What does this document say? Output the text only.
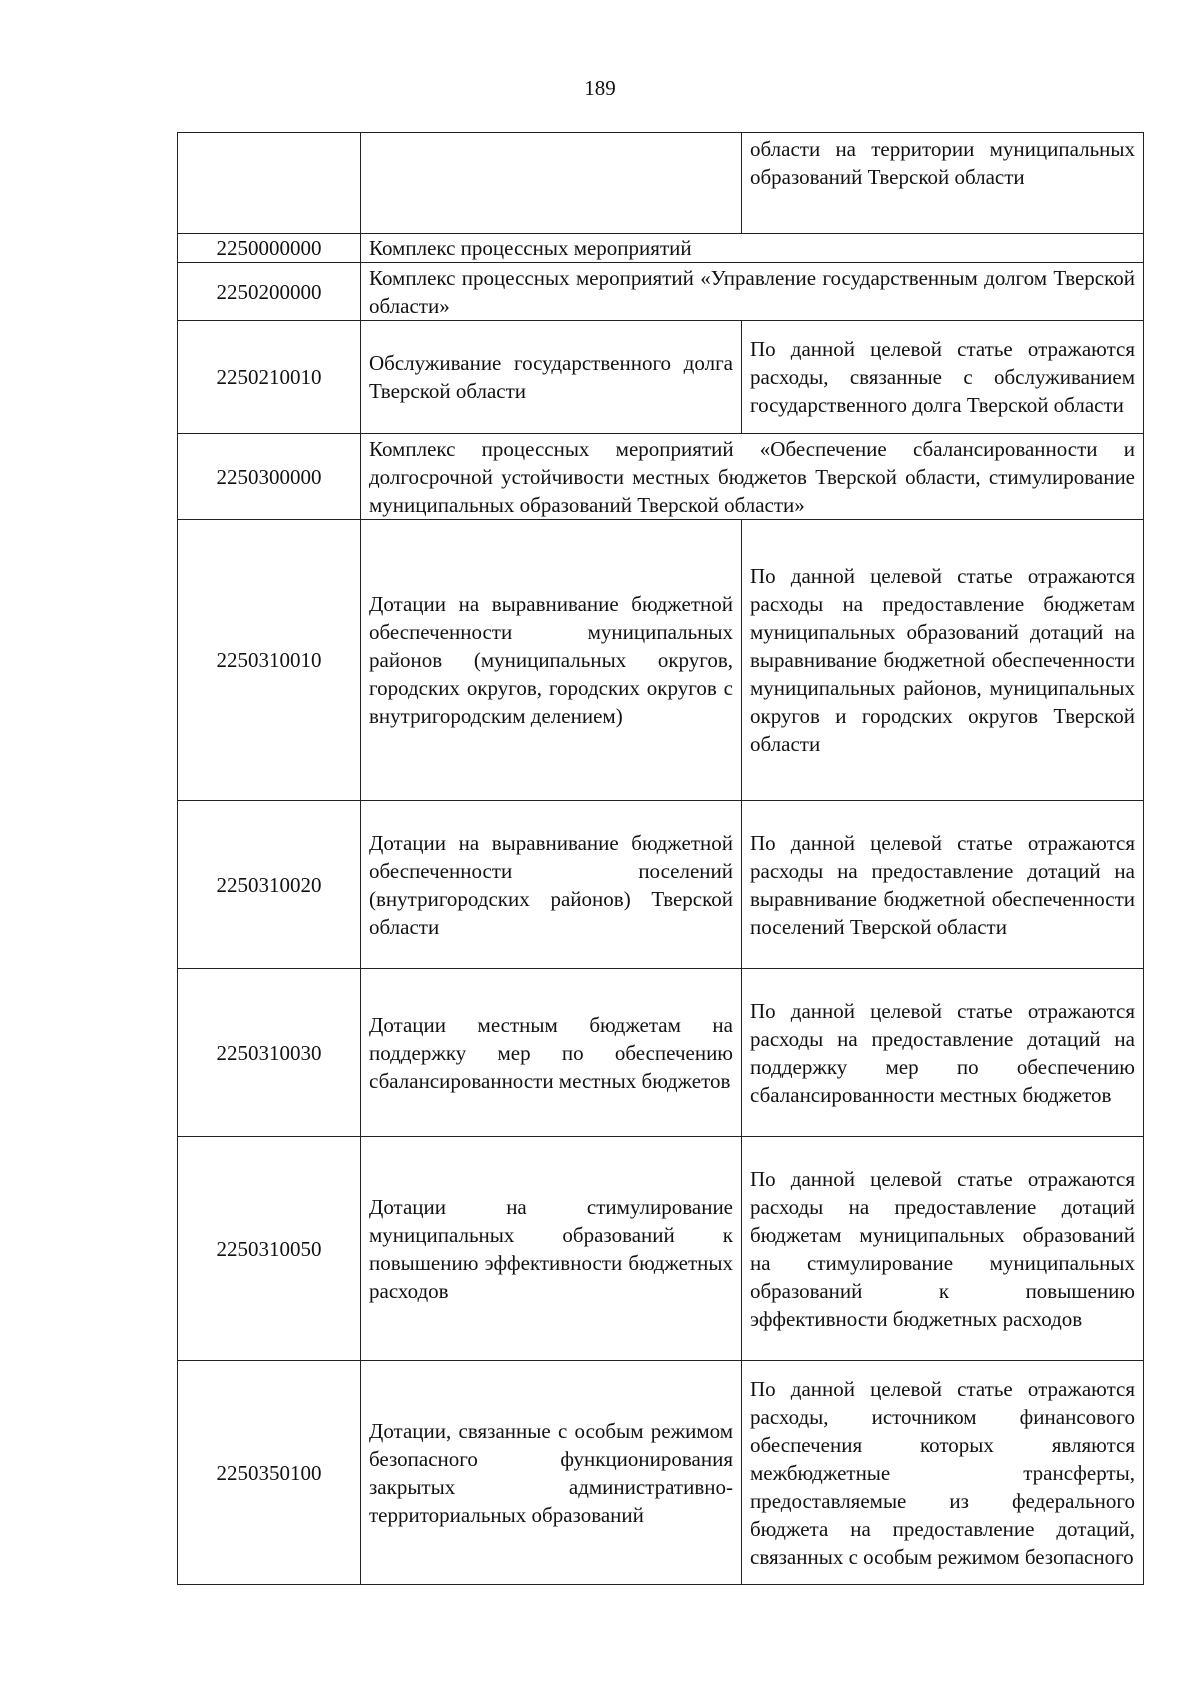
189
		области на территории муниципальных образований Тверской области
2250000000	Комплекс процессных мероприятий	
2250200000	Комплекс процессных мероприятий «Управление государственным долгом Тверской области»	
2250210010	Обслуживание государственного долга Тверской области	По данной целевой статье отражаются расходы, связанные с обслуживанием государственного долга Тверской области
2250300000	Комплекс процессных мероприятий «Обеспечение сбалансированности и долгосрочной устойчивости местных бюджетов Тверской области, стимулирование муниципальных образований Тверской области»	
2250310010	Дотации на выравнивание бюджетной обеспеченности муниципальных районов (муниципальных округов, городских округов, городских округов с внутригородским делением)	По данной целевой статье отражаются расходы на предоставление бюджетам муниципальных образований дотаций на выравнивание бюджетной обеспеченности муниципальных районов, муниципальных округов и городских округов Тверской области
2250310020	Дотации на выравнивание бюджетной обеспеченности поселений (внутригородских районов) Тверской области	По данной целевой статье отражаются расходы на предоставление дотаций на выравнивание бюджетной обеспеченности поселений Тверской области
2250310030	Дотации местным бюджетам на поддержку мер по обеспечению сбалансированности местных бюджетов	По данной целевой статье отражаются расходы на предоставление дотаций на поддержку мер по обеспечению сбалансированности местных бюджетов
2250310050	Дотации на стимулирование муниципальных образований к повышению эффективности бюджетных расходов	По данной целевой статье отражаются расходы на предоставление дотаций бюджетам муниципальных образований на стимулирование муниципальных образований к повышению эффективности бюджетных расходов
2250350100	Дотации, связанные с особым режимом безопасного функционирования закрытых административно-территориальных образований	По данной целевой статье отражаются расходы, источником финансового обеспечения которых являются межбюджетные трансферты, предоставляемые из федерального бюджета на предоставление дотаций, связанных с особым режимом безопасного
